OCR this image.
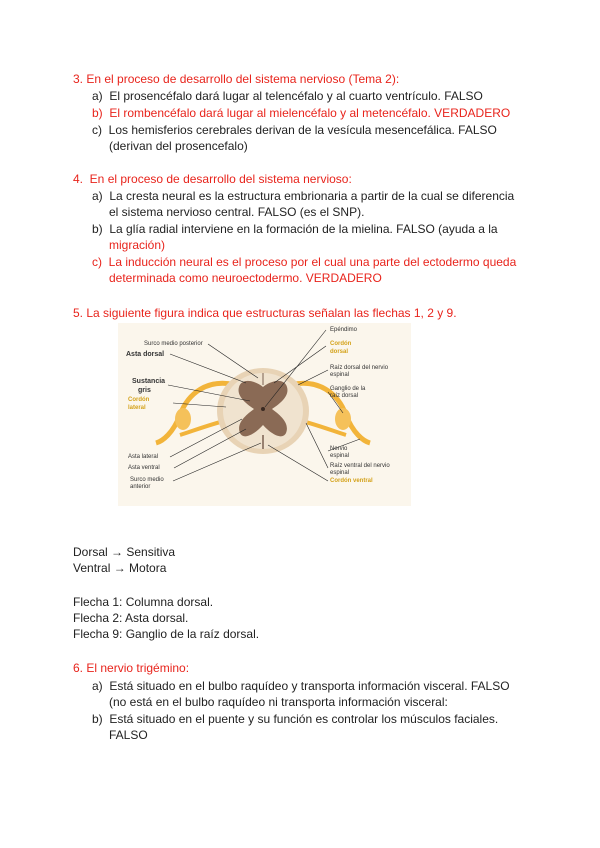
3. En el proceso de desarrollo del sistema nervioso (Tema 2):
a)  El prosencéfalo dará lugar al telencéfalo y al cuarto ventrículo. FALSO
b)  El rombencéfalo dará lugar al mielencéfalo y al metencéfalo. VERDADERO
c)  Los hemisferios cerebrales derivan de la vesícula mesencefálica. FALSO
(derivan del prosencefalo)
4.  En el proceso de desarrollo del sistema nervioso:
a)  La cresta neural es la estructura embrionaria a partir de la cual se diferencia
el sistema nervioso central. FALSO (es el SNP).
b)  La glía radial interviene en la formación de la mielina. FALSO (ayuda a la
migración)
c)  La inducción neural es el proceso por el cual una parte del ectodermo queda
determinada como neuroectodermo. VERDADERO
5. La siguiente figura indica que estructuras señalan las flechas 1, 2 y 9.
Surco medio posterior
Asta dorsal
Sustancia
gris
Cordón
lateral
Asta lateral
Asta ventral
Surco medio
anterior
Epéndimo
Cordón
dorsal
Raíz dorsal del nervio
espinal
Ganglio de la
raíz dorsal
Nervio
espinal
Raíz ventral del nervio
espinal
Cordón ventral
Dorsal → Sensitiva
Ventral → Motora
Flecha 1: Columna dorsal.
Flecha 2: Asta dorsal.
Flecha 9: Ganglio de la raíz dorsal.
6. El nervio trigémino:
a)  Está situado en el bulbo raquídeo y transporta información visceral. FALSO
(no está en el bulbo raquídeo ni transporta información visceral:
b)  Está situado en el puente y su función es controlar los músculos faciales.
FALSO
